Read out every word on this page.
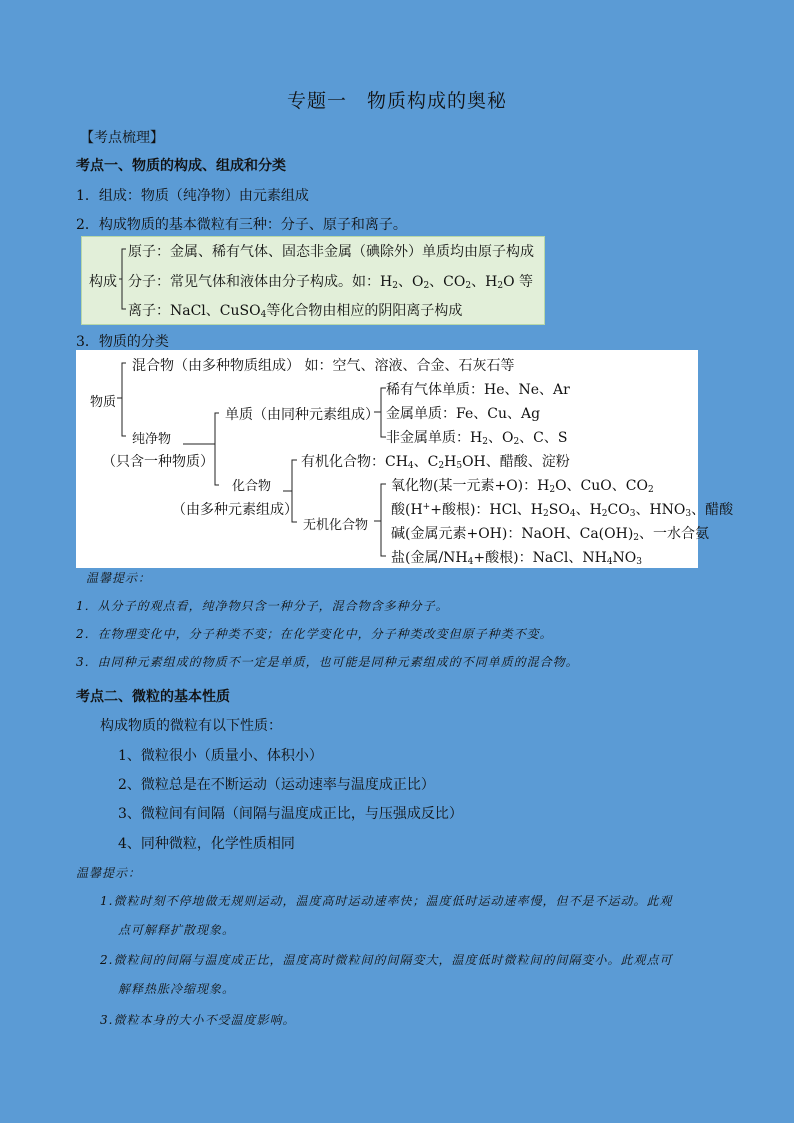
专题一　物质构成的奥秘
【考点梳理】
考点一、物质的构成、组成和分类
1．组成：物质（纯净物）由元素组成
2．构成物质的基本微粒有三种：分子、原子和离子。
构成
原子：金属、稀有气体、固态非金属（碘除外）单质均由原子构成
分子：常见气体和液体由分子构成。如：$H_2$、$O_2$、$CO_2$、$H_2O$ 等
离子：NaCl、CuSO$_4$等化合物由相应的阴阳离子构成
3．物质的分类
物质
混合物（由多种物质组成） 如：空气、溶液、合金、石灰石等
纯净物
（只含一种物质）
单质（由同种元素组成）
稀有气体单质：He、Ne、Ar
金属单质：Fe、Cu、Ag
非金属单质：$H_2$、$O_2$、C、S
化合物
（由多种元素组成）
有机化合物：$CH_4$、$C_2H_5OH$、醋酸、淀粉
无机化合物
氧化物(某一元素+O)：$H_2O$、CuO、$CO_2$
酸(H++酸根)：HCl、$H_2SO_4$、$H_2CO_3$、$HNO_3$、醋酸
碱(金属元素+OH)：NaOH、$Ca(OH)_2$、一水合氨
盐(金属$/NH_4+$酸根)：NaCl、$NH_4NO_3$
温馨提示：
1．从分子的观点看，纯净物只含一种分子，混合物含多种分子。
2．在物理变化中，分子种类不变；在化学变化中，分子种类改变但原子种类不变。
3．由同种元素组成的物质不一定是单质，也可能是同种元素组成的不同单质的混合物。
考点二、微粒的基本性质
构成物质的微粒有以下性质：
1、微粒很小（质量小、体积小）
2、微粒总是在不断运动（运动速率与温度成正比）
3、微粒间有间隔（间隔与温度成正比，与压强成反比）
4、同种微粒，化学性质相同
温馨提示：
1.微粒时刻不停地做无规则运动，温度高时运动速率快；温度低时运动速率慢，但不是不运动。此观
点可解释扩散现象。
2.微粒间的间隔与温度成正比，温度高时微粒间的间隔变大，温度低时微粒间的间隔变小。此观点可
解释热胀冷缩现象。
3.微粒本身的大小不受温度影响。
